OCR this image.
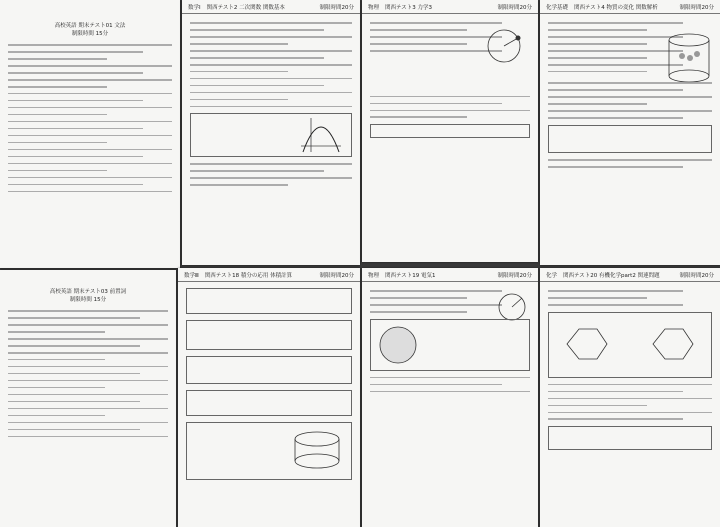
高校英語 期末テスト01 文法
制限時間 15分
数学Ⅰ 関西テスト2 二次関数 関数基本	制限時間20分	物理 関西テスト3 力学3	制限時間20分	化学基礎 関西テスト4 物質の変化 関数解析	制限時間20分
高校英語 期末テスト03 前置詞
制限時間 15分
数学Ⅲ 関西テスト18 積分の応用 体積計算	制限時間20分	物理 関西テスト19 電気1	制限時間20分	化学 関西テスト20 有機化学part2 関連問題	制限時間20分
